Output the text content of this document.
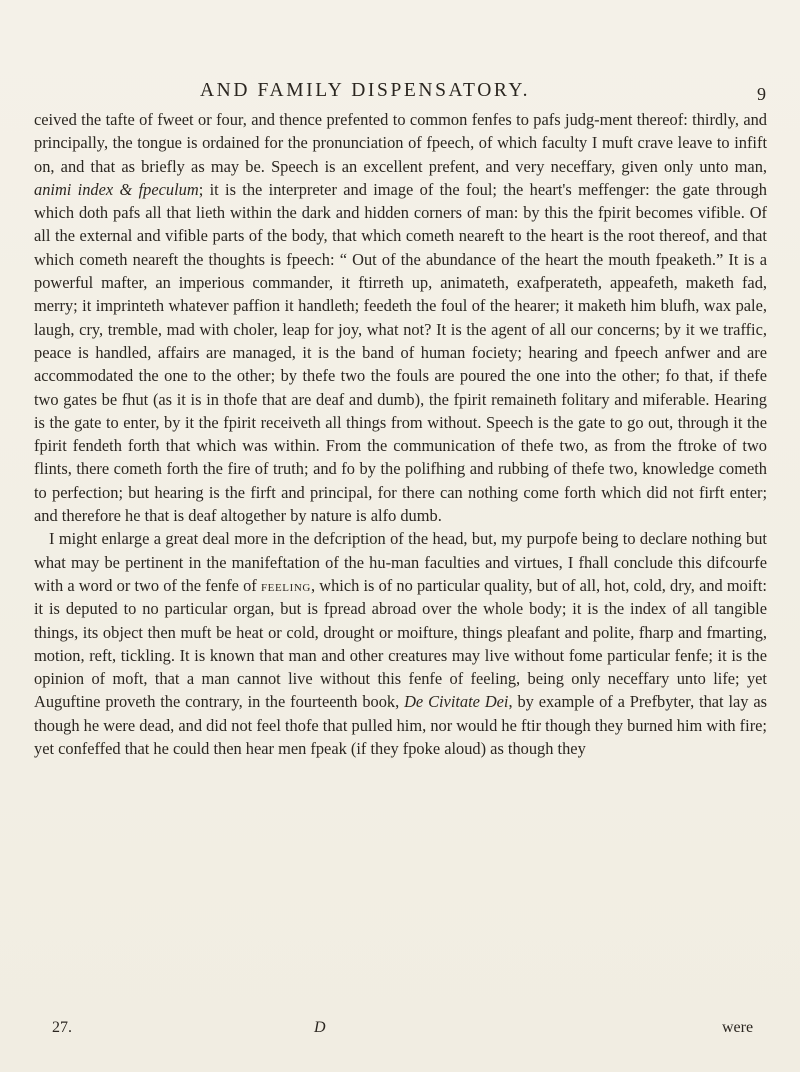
AND FAMILY DISPENSATORY.	9

ceived the tafte of fweet or four, and thence prefented to common fenfes to pafs judg-ment thereof: thirdly, and principally, the tongue is ordained for the pronunciation of fpeech, of which faculty I muft crave leave to infift on, and that as briefly as may be. Speech is an excellent prefent, and very neceffary, given only unto man, animi index & fpeculum; it is the interpreter and image of the foul; the heart's meffenger: the gate through which doth pafs all that lieth within the dark and hidden corners of man: by this the fpirit becomes vifible. Of all the external and vifible parts of the body, that which cometh neareft to the heart is the root thereof, and that which cometh neareft the thoughts is fpeech: “ Out of the abundance of the heart the mouth fpeaketh.” It is a powerful mafter, an imperious commander, it ftirreth up, animateth, exafperateth, appeafeth, maketh fad, merry; it imprinteth whatever paffion it handleth; feedeth the foul of the hearer; it maketh him blufh, wax pale, laugh, cry, tremble, mad with choler, leap for joy, what not? It is the agent of all our concerns; by it we traffic, peace is handled, affairs are managed, it is the band of human fociety; hearing and fpeech anfwer and are accommodated the one to the other; by thefe two the fouls are poured the one into the other; fo that, if thefe two gates be fhut (as it is in thofe that are deaf and dumb), the fpirit remaineth folitary and miferable. Hearing is the gate to enter, by it the fpirit receiveth all things from without. Speech is the gate to go out, through it the fpirit fendeth forth that which was within. From the communication of thefe two, as from the ftroke of two flints, there cometh forth the fire of truth; and fo by the polifhing and rubbing of thefe two, knowledge cometh to perfection; but hearing is the firft and principal, for there can nothing come forth which did not firft enter; and therefore he that is deaf altogether by nature is alfo dumb.

I might enlarge a great deal more in the defcription of the head, but, my purpofe being to declare nothing but what may be pertinent in the manifeftation of the hu-man faculties and virtues, I fhall conclude this difcourfe with a word or two of the fenfe of feeling, which is of no particular quality, but of all, hot, cold, dry, and moift: it is deputed to no particular organ, but is fpread abroad over the whole body; it is the index of all tangible things, its object then muft be heat or cold, drought or moifture, things pleafant and polite, fharp and fmarting, motion, reft, tickling. It is known that man and other creatures may live without fome particular fenfe; it is the opinion of moft, that a man cannot live without this fenfe of feeling, being only neceffary unto life; yet Auguftine proveth the contrary, in the fourteenth book, De Civitate Dei, by example of a Prefbyter, that lay as though he were dead, and did not feel thofe that pulled him, nor would he ftir though they burned him with fire; yet confeffed that he could then hear men fpeak (if they fpoke aloud) as though they

27.	D	were
